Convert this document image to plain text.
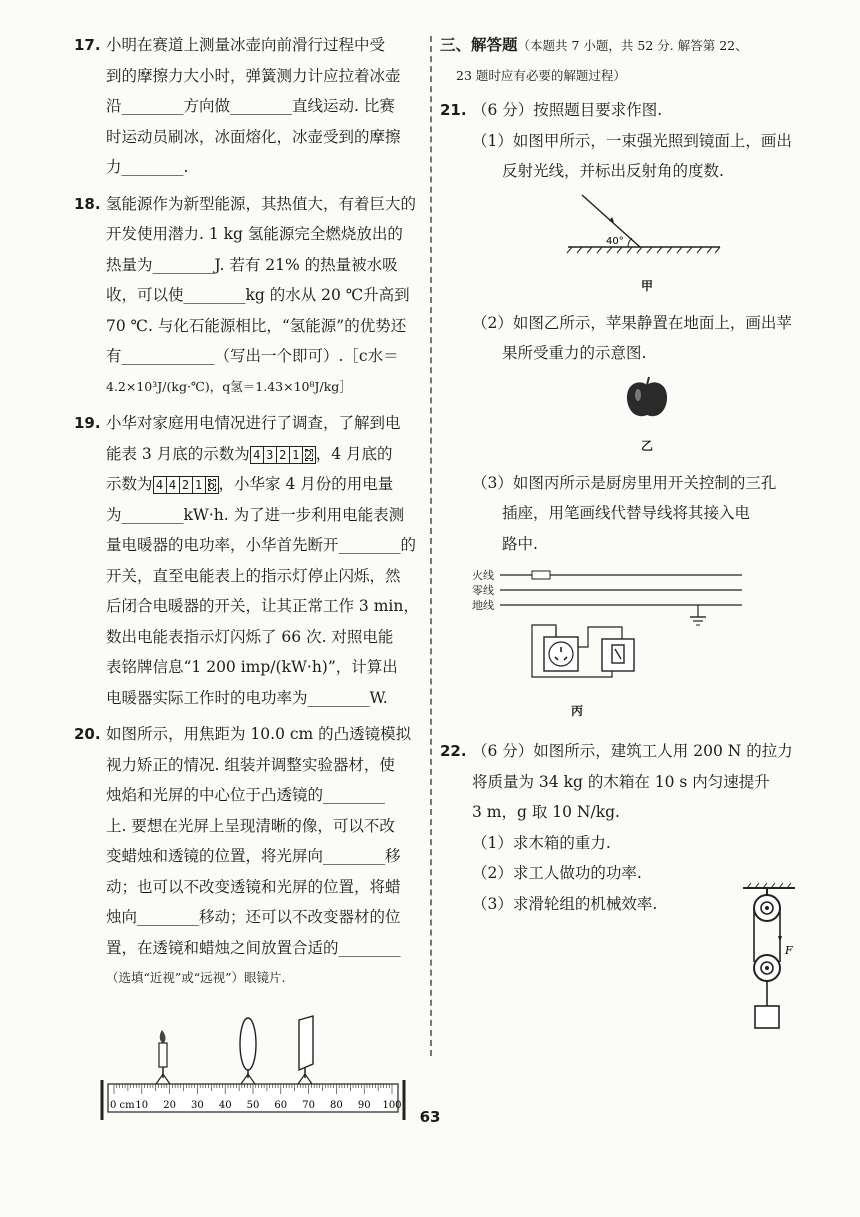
17. 小明在赛道上测量冰壶向前滑行过程中受
到的摩擦力大小时，弹簧测力计应拉着冰壶
沿________方向做________直线运动. 比赛
时运动员刷冰，冰面熔化，冰壶受到的摩擦
力________.
18. 氢能源作为新型能源，其热值大，有着巨大的
开发使用潜力. 1 kg 氢能源完全燃烧放出的
热量为________J. 若有 21% 的热量被水吸
收，可以使________kg 的水从 20 ℃升高到
70 ℃. 与化石能源相比，“氢能源”的优势还
有____________（写出一个即可）.［c水＝
4.2×10³J/(kg·℃)，q氢＝1.43×10⁸J/kg］
19. 小华对家庭用电情况进行了调查，了解到电
能表 3 月底的示数为 4 3 2 1 2 ，4 月底的
示数为 4 4 2 1 6 ，小华家 4 月份的用电量
为________kW·h. 为了进一步利用电能表测
量电暖器的电功率，小华首先断开________的
开关，直至电能表上的指示灯停止闪烁，然
后闭合电暖器的开关，让其正常工作 3 min，
数出电能表指示灯闪烁了 66 次. 对照电能
表铭牌信息“1 200 imp/(kW·h)”，计算出
电暖器实际工作时的电功率为________W.
20. 如图所示，用焦距为 10.0 cm 的凸透镜模拟
视力矫正的情况. 组装并调整实验器材，使
烛焰和光屏的中心位于凸透镜的________
上. 要想在光屏上呈现清晰的像，可以不改
变蜡烛和透镜的位置，将光屏向________移
动；也可以不改变透镜和光屏的位置，将蜡
烛向________移动；还可以不改变器材的位
置，在透镜和蜡烛之间放置合适的________
（选填“近视”或“远视”）眼镜片.
0 cm 10 20 30 40 50 60 70 80 90 100
三、解答题（本题共 7 小题，共 52 分. 解答第 22、

23 题时应有必要的解题过程）
21. （6 分）按照题目要求作图.
（1）如图甲所示，一束强光照到镜面上，画出
反射光线，并标出反射角的度数.
40°
甲
（2）如图乙所示，苹果静置在地面上，画出苹
果所受重力的示意图.
乙
（3）如图丙所示是厨房里用开关控制的三孔
插座，用笔画线代替导线将其接入电
路中.
火线
零线
地线
丙
22. （6 分）如图所示，建筑工人用 200 N 的拉力
将质量为 34 kg 的木箱在 10 s 内匀速提升
3 m，g 取 10 N/kg.
（1）求木箱的重力.
（2）求工人做功的功率.
（3）求滑轮组的机械效率.
F
63
